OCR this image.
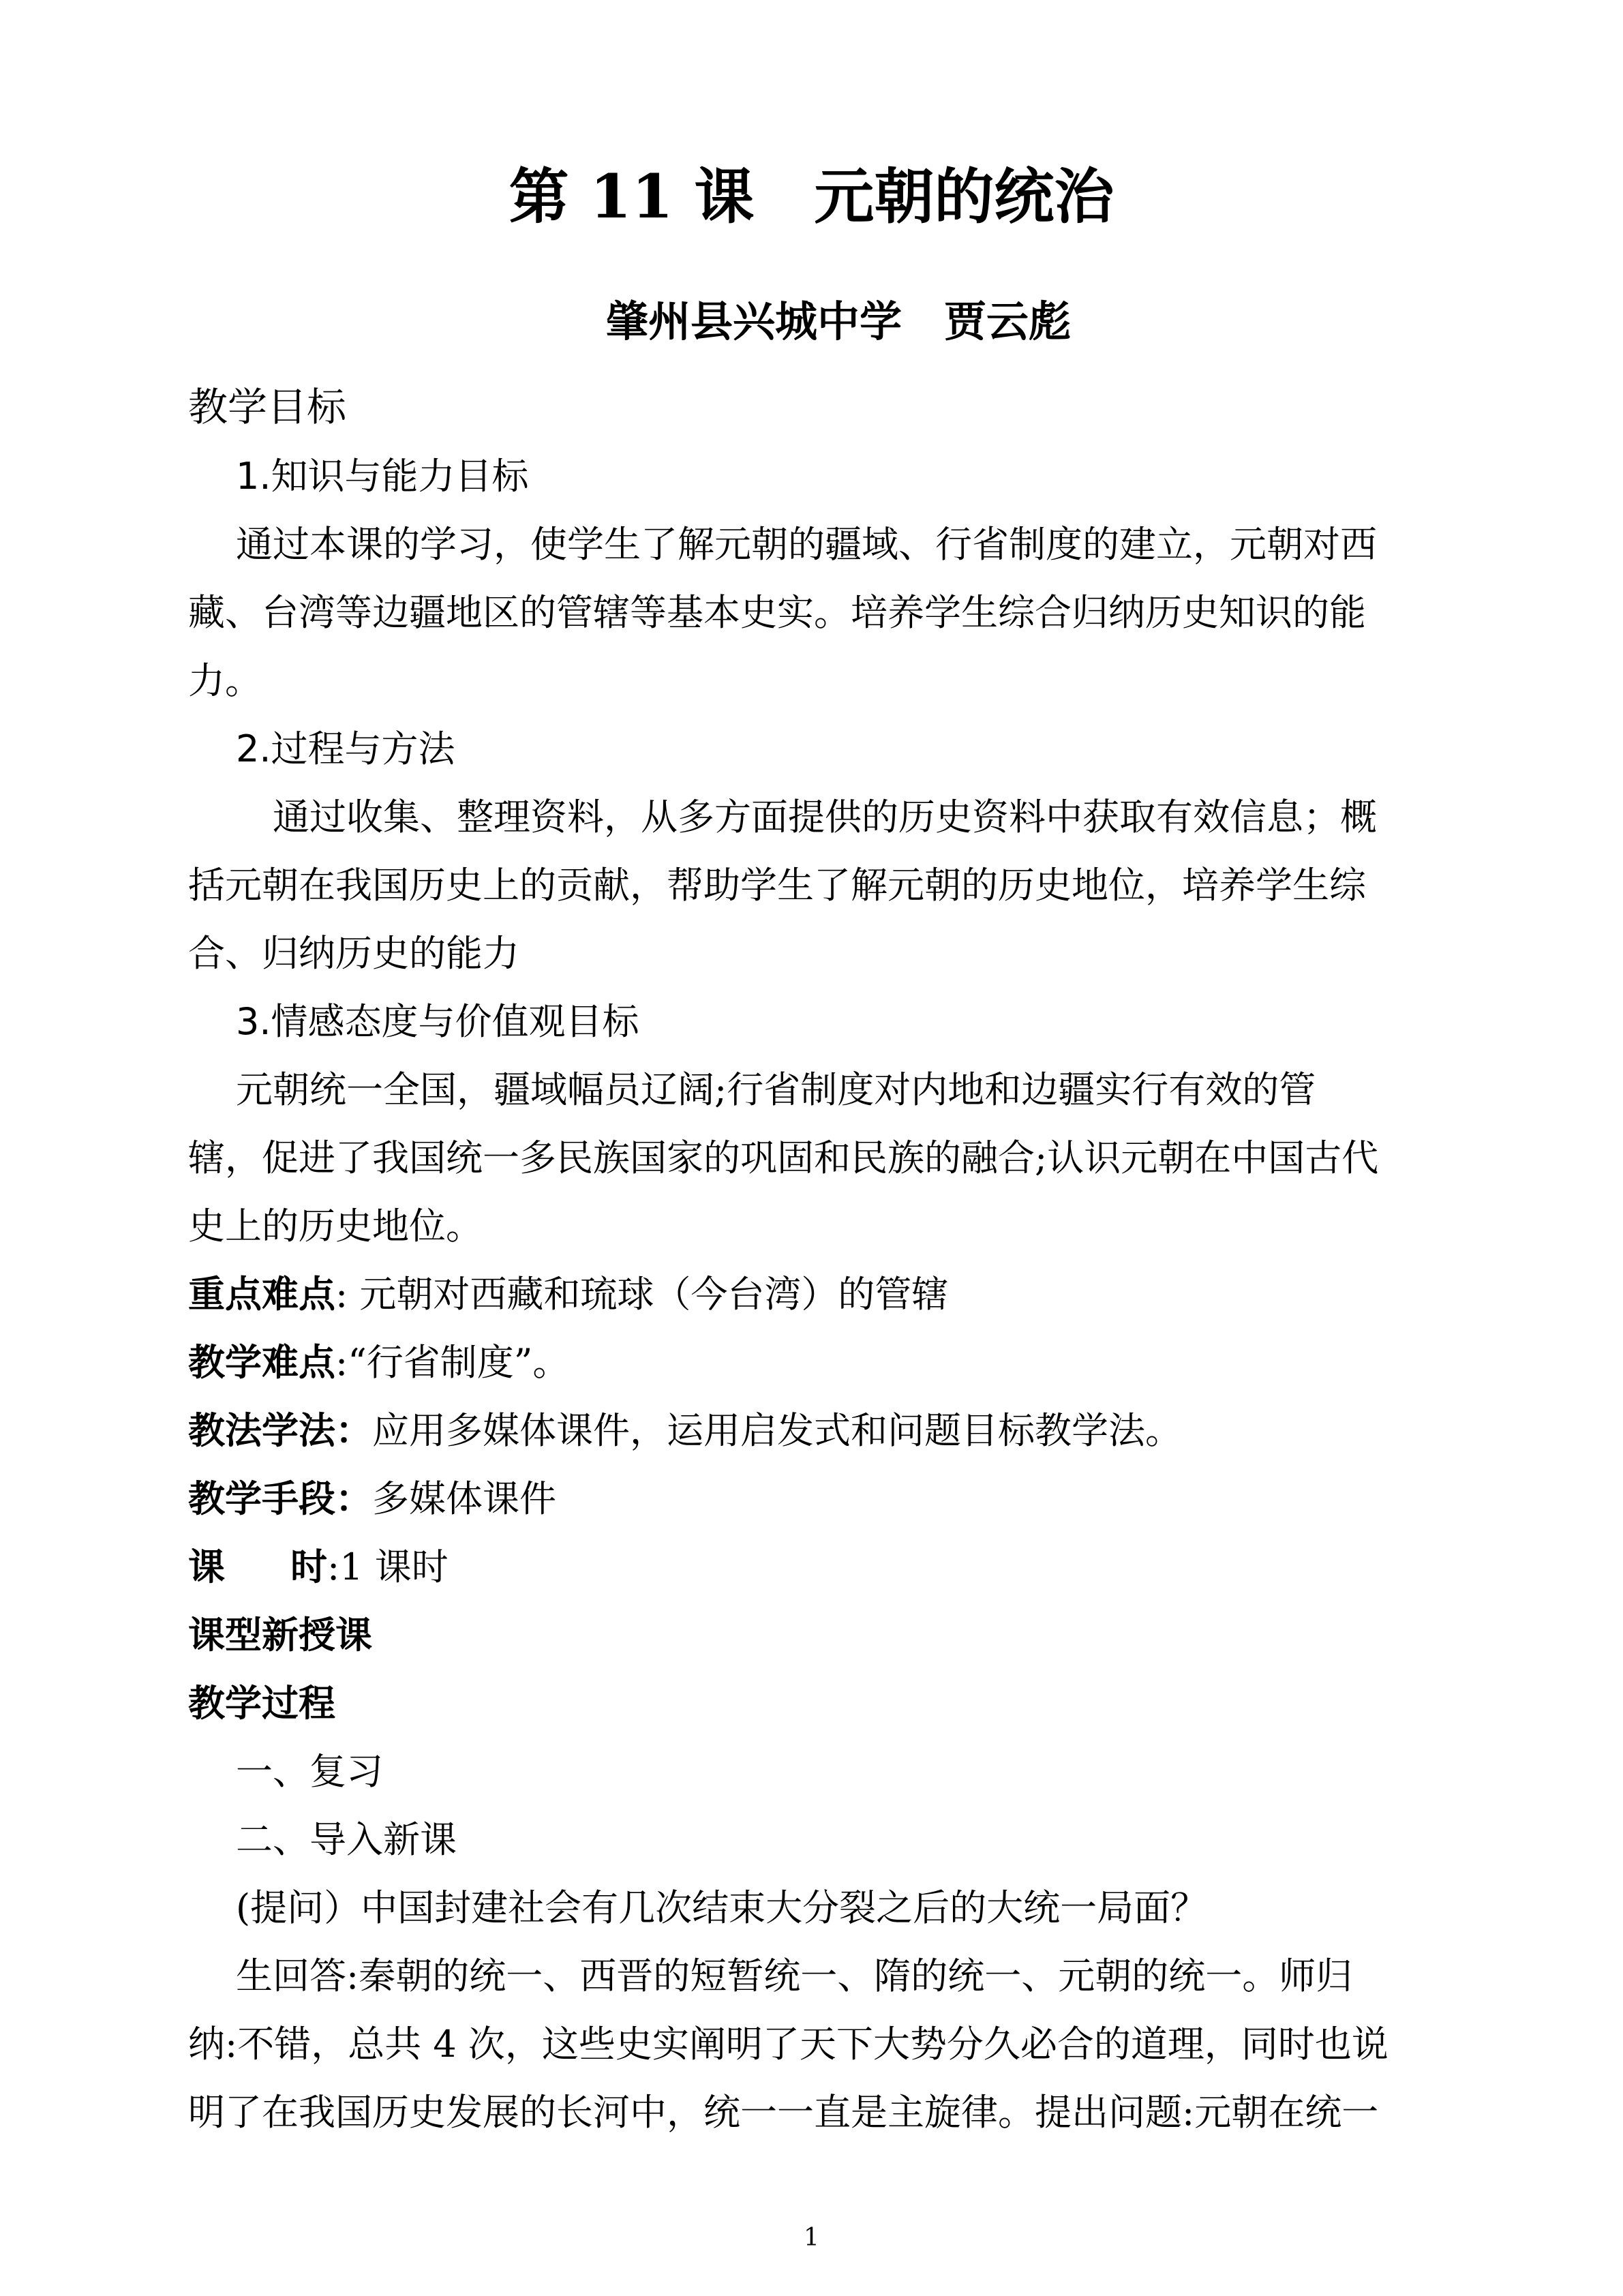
第 11 课　元朝的统治
肇州县兴城中学　贾云彪
教学目标
1.知识与能力目标
通过本课的学习，使学生了解元朝的疆域、行省制度的建立，元朝对西
藏、台湾等边疆地区的管辖等基本史实。培养学生综合归纳历史知识的能
力。
2.过程与方法
通过收集、整理资料，从多方面提供的历史资料中获取有效信息；概
括元朝在我国历史上的贡献，帮助学生了解元朝的历史地位，培养学生综
合、归纳历史的能力
3.情感态度与价值观目标
元朝统一全国，疆域幅员辽阔;行省制度对内地和边疆实行有效的管
辖，促进了我国统一多民族国家的巩固和民族的融合;认识元朝在中国古代
史上的历史地位。
重点难点: 元朝对西藏和琉球（今台湾）的管辖
教学难点:“行省制度”。
教法学法：应用多媒体课件，运用启发式和问题目标教学法。
教学手段：多媒体课件
课 时:1 课时
课型新授课
教学过程
一、复习
二、导入新课
(提问）中国封建社会有几次结束大分裂之后的大统一局面？
生回答:秦朝的统一、西晋的短暂统一、隋的统一、元朝的统一。师归
纳:不错，总共 4 次，这些史实阐明了天下大势分久必合的道理，同时也说
明了在我国历史发展的长河中，统一一直是主旋律。提出问题:元朝在统一
1
